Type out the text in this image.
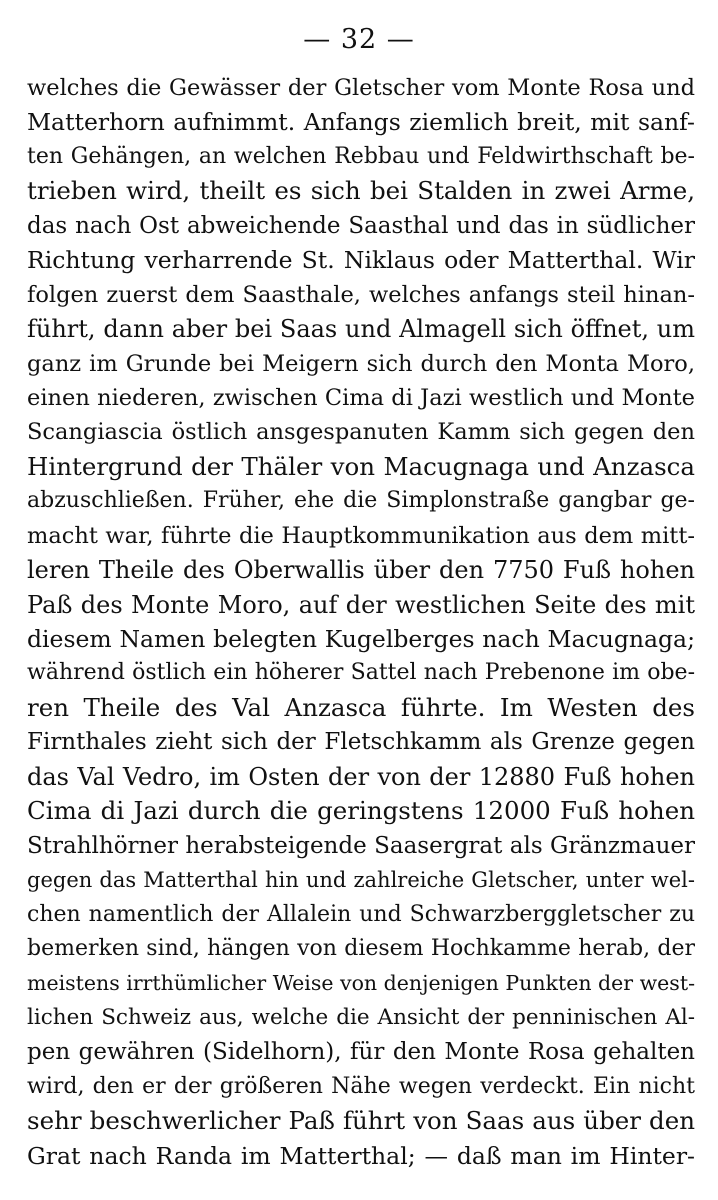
— 32 —
welches die Gewässer der Gletscher vom Monte Rosa und
Matterhorn aufnimmt. Anfangs ziemlich breit, mit sanf-
ten Gehängen, an welchen Rebbau und Feldwirthschaft be-
trieben wird, theilt es sich bei Stalden in zwei Arme,
das nach Ost abweichende Saasthal und das in südlicher
Richtung verharrende St. Niklaus oder Matterthal. Wir
folgen zuerst dem Saasthale, welches anfangs steil hinan-
führt, dann aber bei Saas und Almagell sich öffnet, um
ganz im Grunde bei Meigern sich durch den Monta Moro,
einen niederen, zwischen Cima di Jazi westlich und Monte
Scangiascia östlich ansgespanuten Kamm sich gegen den
Hintergrund der Thäler von Macugnaga und Anzasca
abzuschließen. Früher, ehe die Simplonstraße gangbar ge-
macht war, führte die Hauptkommunikation aus dem mitt-
leren Theile des Oberwallis über den 7750 Fuß hohen
Paß des Monte Moro, auf der westlichen Seite des mit
diesem Namen belegten Kugelberges nach Macugnaga;
während östlich ein höherer Sattel nach Prebenone im obe-
ren Theile des Val Anzasca führte. Im Westen des
Firnthales zieht sich der Fletschkamm als Grenze gegen
das Val Vedro, im Osten der von der 12880 Fuß hohen
Cima di Jazi durch die geringstens 12000 Fuß hohen
Strahlhörner herabsteigende Saasergrat als Gränzmauer
gegen das Matterthal hin und zahlreiche Gletscher, unter wel-
chen namentlich der Allalein und Schwarzberggletscher zu
bemerken sind, hängen von diesem Hochkamme herab, der
meistens irrthümlicher Weise von denjenigen Punkten der west-
lichen Schweiz aus, welche die Ansicht der penninischen Al-
pen gewähren (Sidelhorn), für den Monte Rosa gehalten
wird, den er der größeren Nähe wegen verdeckt. Ein nicht
sehr beschwerlicher Paß führt von Saas aus über den
Grat nach Randa im Matterthal; — daß man im Hinter-
